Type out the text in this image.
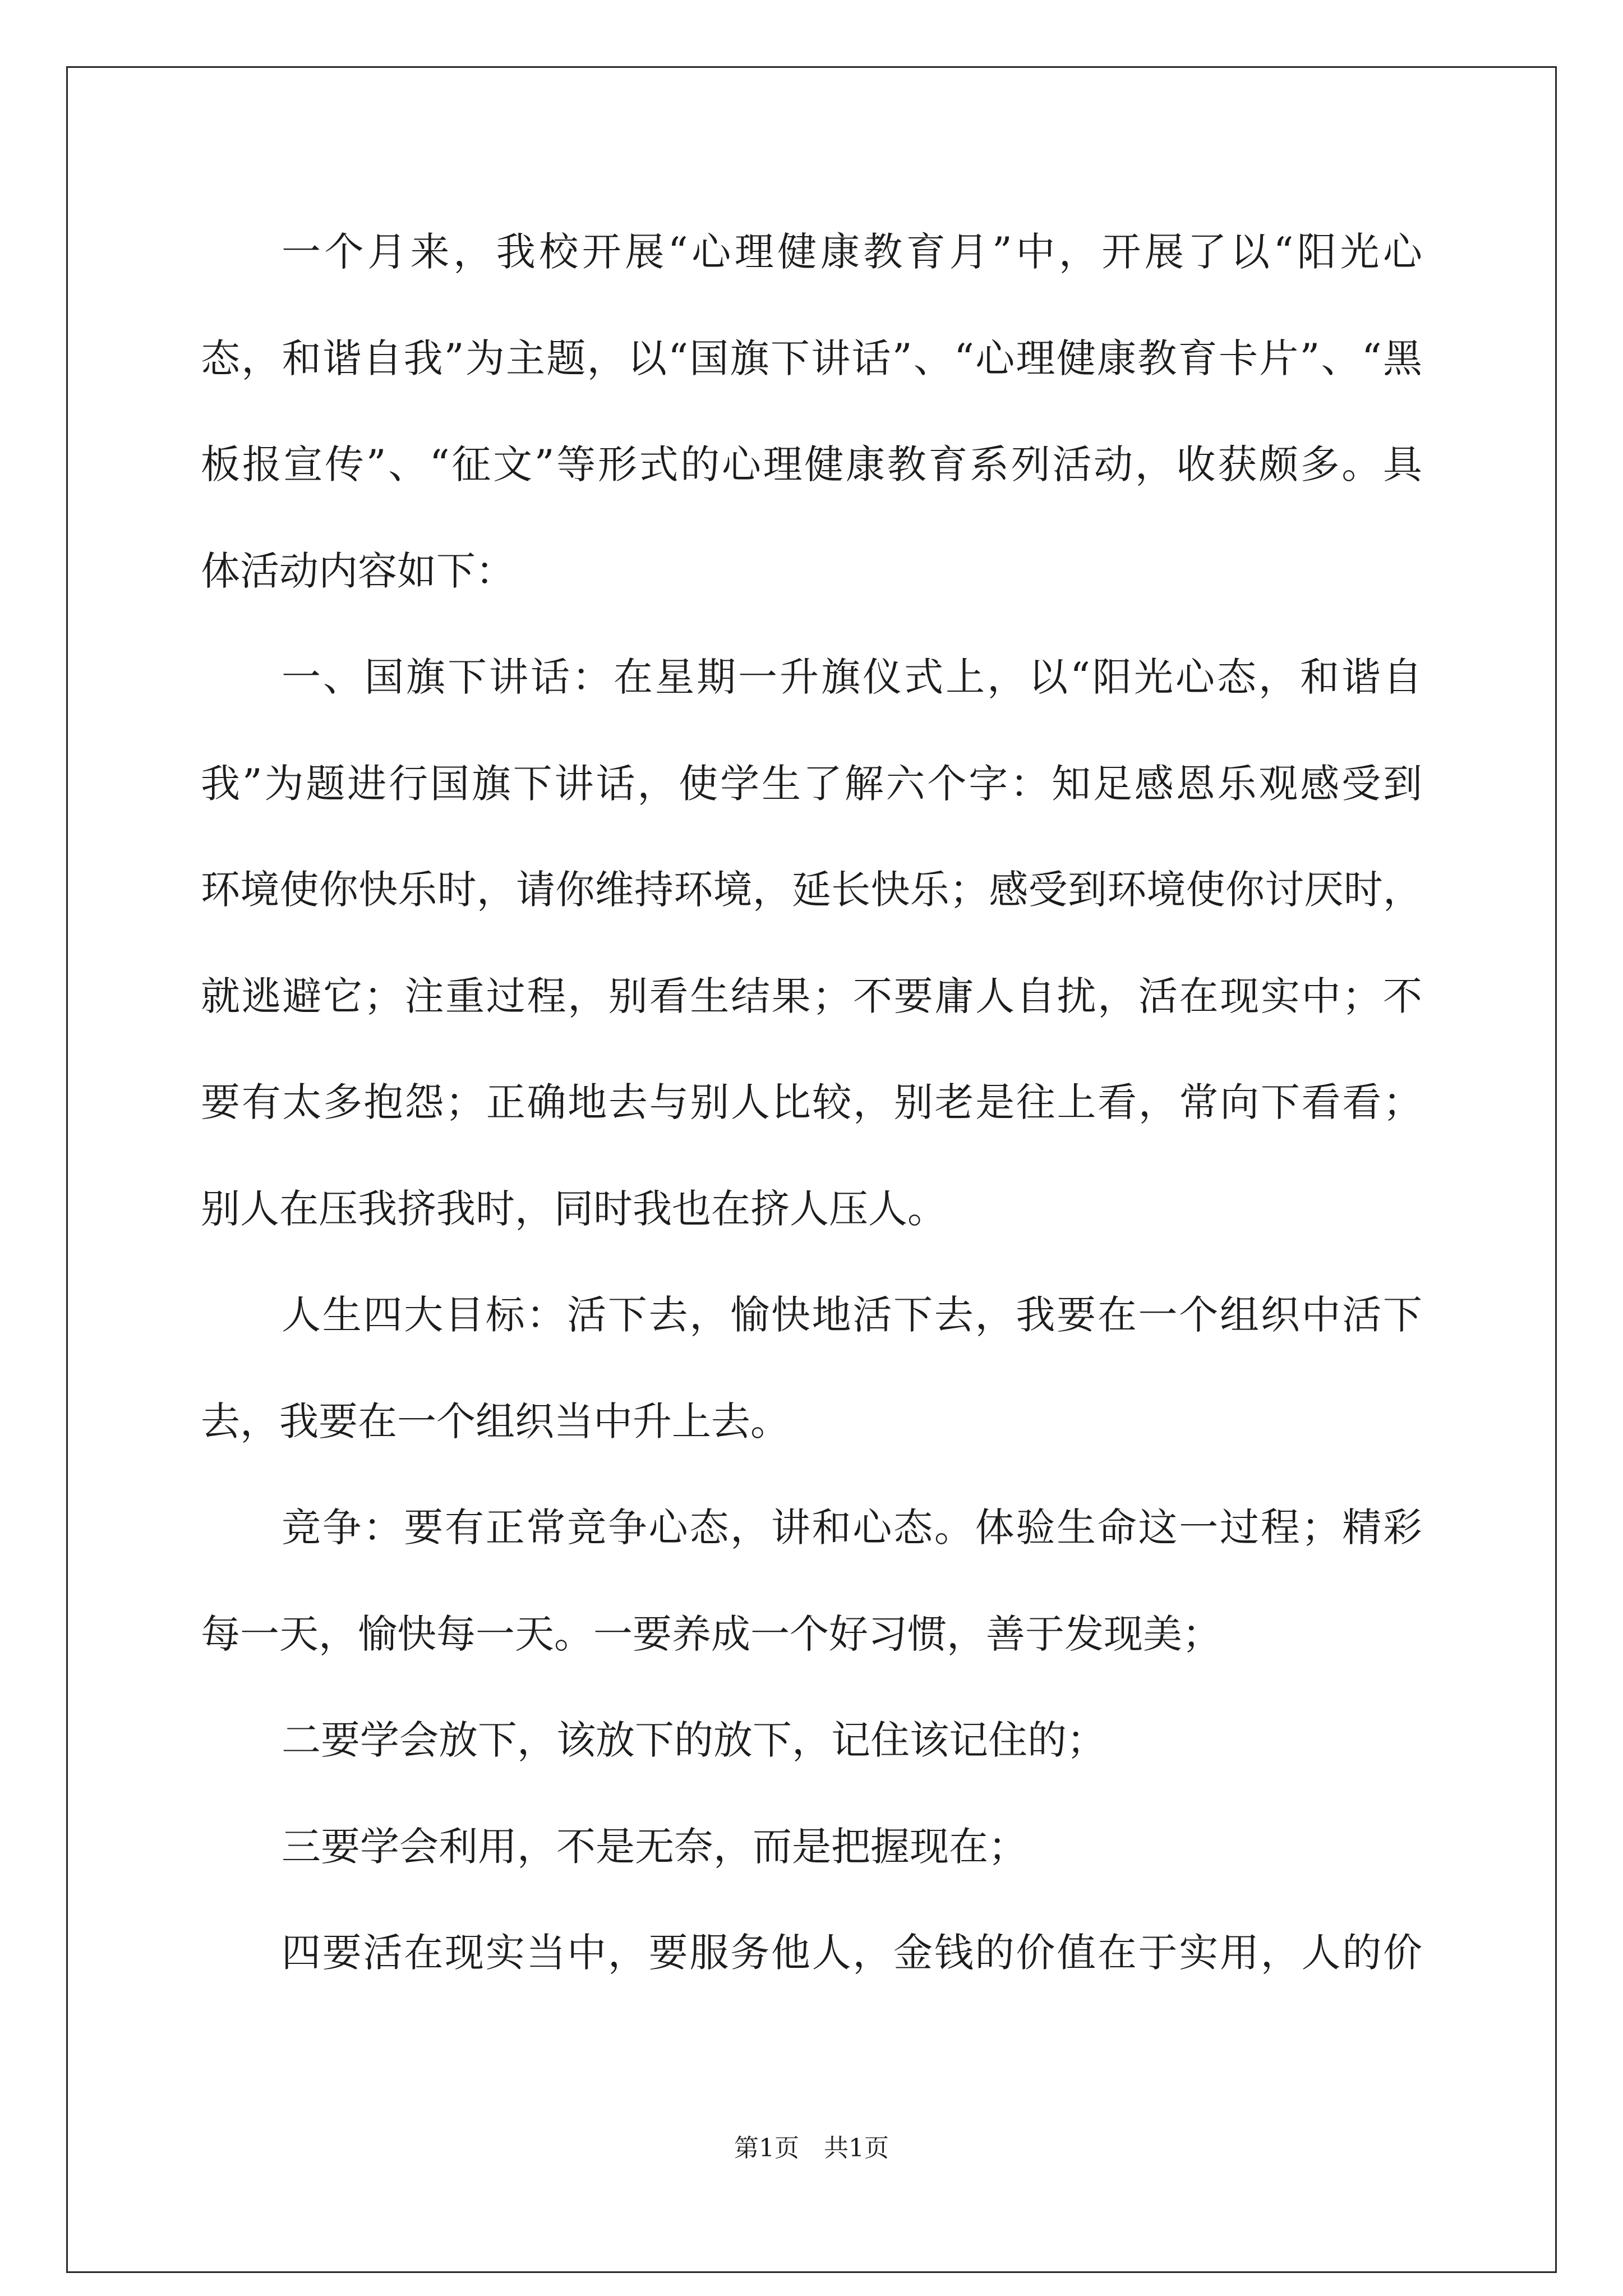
一个月来，我校开展“心理健康教育月”中，开展了以“阳光心
态，和谐自我”为主题，以“国旗下讲话”、“心理健康教育卡片”、“黑
板报宣传”、“征文”等形式的心理健康教育系列活动，收获颇多。具
体活动内容如下：
一、国旗下讲话：在星期一升旗仪式上，以“阳光心态，和谐自
我”为题进行国旗下讲话，使学生了解六个字：知足感恩乐观感受到
环境使你快乐时，请你维持环境，延长快乐；感受到环境使你讨厌时，
就逃避它；注重过程，别看生结果；不要庸人自扰，活在现实中；不
要有太多抱怨；正确地去与别人比较，别老是往上看，常向下看看；
别人在压我挤我时，同时我也在挤人压人。
人生四大目标：活下去，愉快地活下去，我要在一个组织中活下
去，我要在一个组织当中升上去。
竞争：要有正常竞争心态，讲和心态。体验生命这一过程；精彩
每一天，愉快每一天。一要养成一个好习惯，善于发现美；
二要学会放下，该放下的放下，记住该记住的；
三要学会利用，不是无奈，而是把握现在；
四要活在现实当中，要服务他人，金钱的价值在于实用，人的价
第1页　共1页
